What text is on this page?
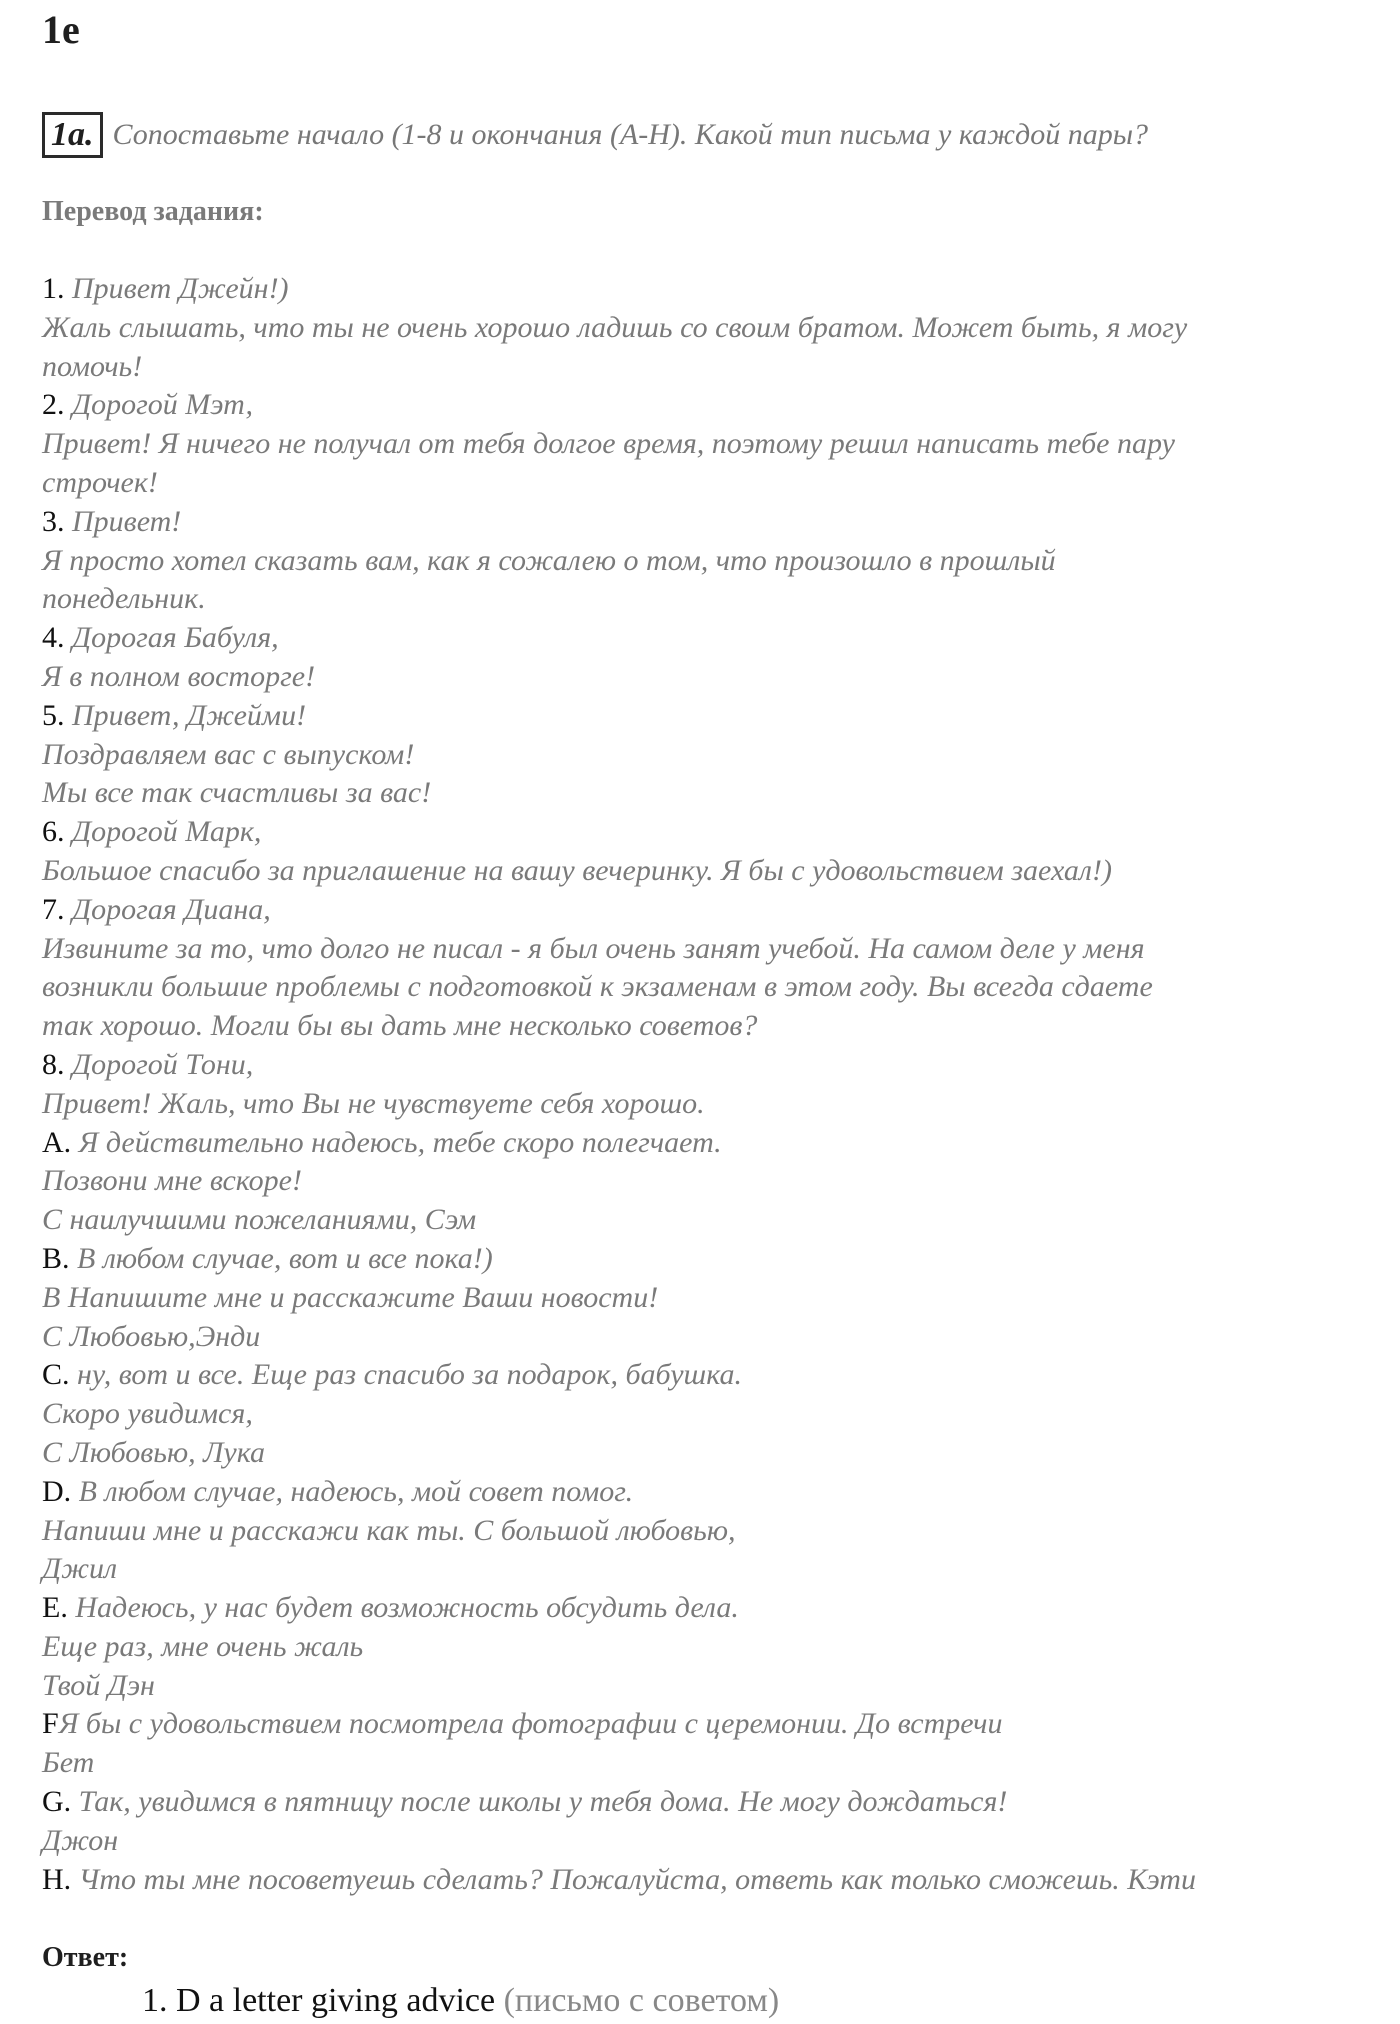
1e
1a. Сопоставьте начало (1-8 и окончания (A-H). Какой тип письма у каждой пары?
Перевод задания:
1. Привет Джейн!)
Жаль слышать, что ты не очень хорошо ладишь со своим братом. Может быть, я могу
помочь!
2. Дорогой Мэт,
Привет! Я ничего не получал от тебя долгое время, поэтому решил написать тебе пару
строчек!
3. Привет!
Я просто хотел сказать вам, как я сожалею о том, что произошло в прошлый
понедельник.
4. Дорогая Бабуля,
Я в полном восторге!
5. Привет, Джейми!
Поздравляем вас с выпуском!
Мы все так счастливы за вас!
6. Дорогой Марк,
Большое спасибо за приглашение на вашу вечеринку. Я бы с удовольствием заехал!)
7. Дорогая Диана,
Извините за то, что долго не писал - я был очень занят учебой. На самом деле у меня
возникли большие проблемы с подготовкой к экзаменам в этом году. Вы всегда сдаете
так хорошо. Могли бы вы дать мне несколько советов?
8. Дорогой Тони,
Привет! Жаль, что Вы не чувствуете себя хорошо.
A. Я действительно надеюсь, тебе скоро полегчает.
Позвони мне вскоре!
С наилучшими пожеланиями, Сэм
B. В любом случае, вот и все пока!)
В Напишите мне и расскажите Ваши новости!
С Любовью,Энди
C. ну, вот и все. Еще раз спасибо за подарок, бабушка.
Скоро увидимся,
С Любовью, Лука
D. В любом случае, надеюсь, мой совет помог.
Напиши мне и расскажи как ты. С большой любовью,
Джил
E. Надеюсь, у нас будет возможность обсудить дела.
Еще раз, мне очень жаль
Твой Дэн
FЯ бы с удовольствием посмотрела фотографии с церемонии. До встречи
Бет
G. Так, увидимся в пятницу после школы у тебя дома. Не могу дождаться!
Джон
H. Что ты мне посоветуешь сделать? Пожалуйста, ответь как только сможешь. Кэти
Ответ:
1. D a letter giving advice (письмо с советом)
